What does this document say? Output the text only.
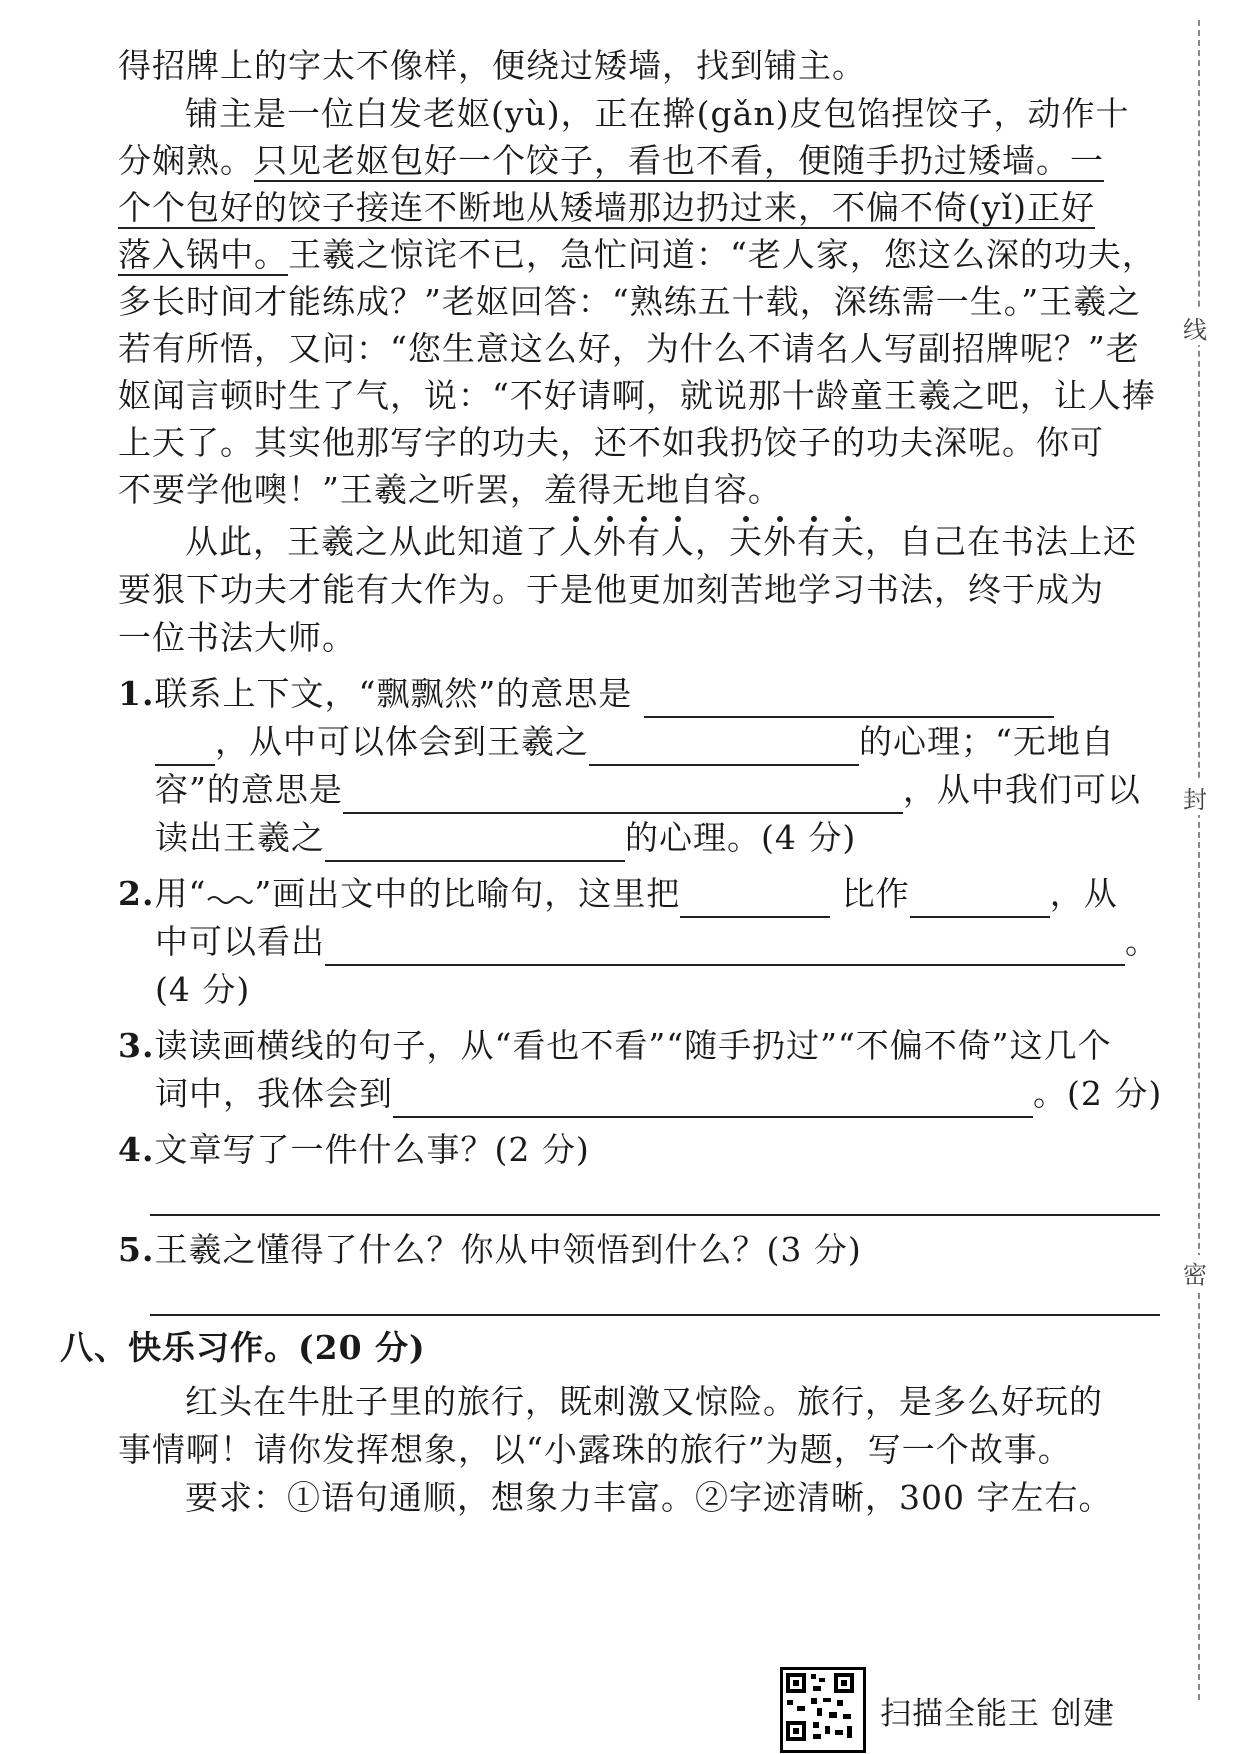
得招牌上的字太不像样，便绕过矮墙，找到铺主。
铺主是一位白发老妪(yù)，正在擀(gǎn)皮包馅捏饺子，动作十
分娴熟。只见老妪包好一个饺子，看也不看，便随手扔过矮墙。一
个个包好的饺子接连不断地从矮墙那边扔过来，不偏不倚(yǐ)正好
落入锅中。王羲之惊诧不已，急忙问道：“老人家，您这么深的功夫，
多长时间才能练成？”老妪回答：“熟练五十载，深练需一生。”王羲之
若有所悟，又问：“您生意这么好，为什么不请名人写副招牌呢？”老
妪闻言顿时生了气，说：“不好请啊，就说那十龄童王羲之吧，让人捧
上天了。其实他那写字的功夫，还不如我扔饺子的功夫深呢。你可
不要学他噢！”王羲之听罢，羞得无地自容。
从此，王羲之从此知道了人外有人，天外有天，自己在书法上还
要狠下功夫才能有大作为。于是他更加刻苦地学习书法，终于成为
一位书法大师。
1.联系上下文，“飘飘然”的意思是
，从中可以体会到王羲之	的心理；“无地自
容”的意思是	，从中我们可以
读出王羲之	的心理。(4 分)
2.用“ ”画出文中的比喻句，这里把	比作	，从
中可以看出	。
(4 分)
3.读读画横线的句子，从“看也不看”“随手扔过”“不偏不倚”这几个
词中，我体会到	。(2 分)
4.文章写了一件什么事？(2 分)
5.王羲之懂得了什么？你从中领悟到什么？(3 分)
八、快乐习作。(20 分)
红头在牛肚子里的旅行，既刺激又惊险。旅行，是多么好玩的
事情啊！请你发挥想象，以“小露珠的旅行”为题，写一个故事。
要求：①语句通顺，想象力丰富。②字迹清晰，300 字左右。
线
封
密
扫描全能王 创建
